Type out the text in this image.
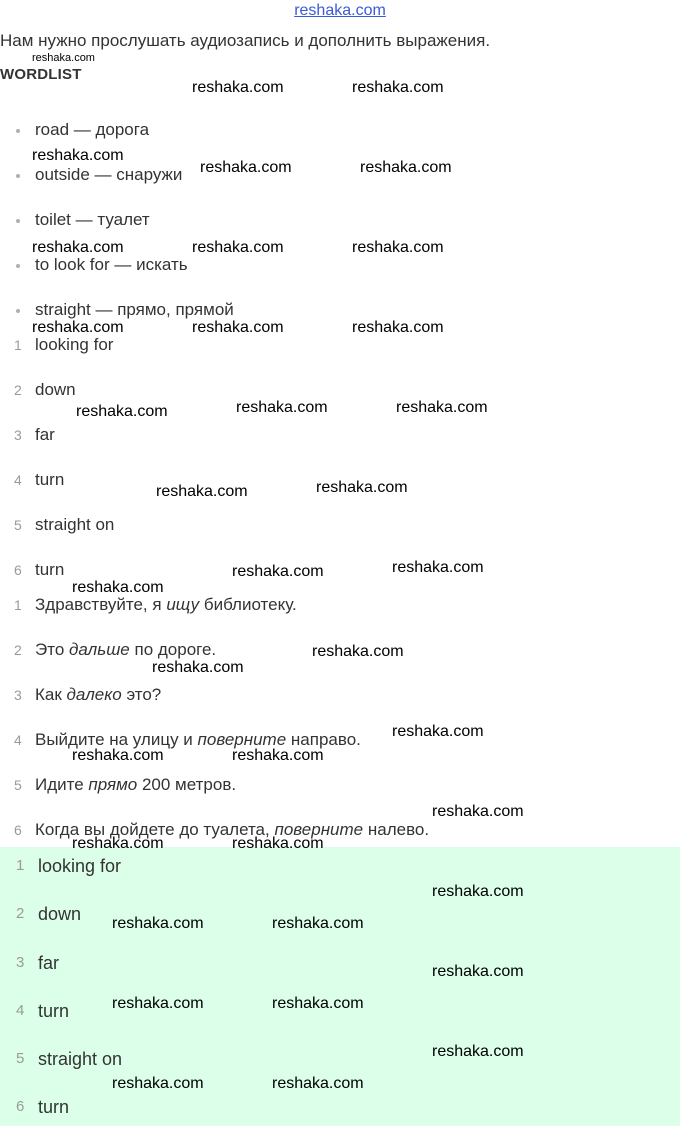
reshaka.com
Нам нужно прослушать аудиозапись и дополнить выражения.
reshaka.com
WORDLIST
road — дорога
outside — снаружи
toilet — туалет
to look for — искать
straight — прямо, прямой
1 looking for
2 down
3 far
4 turn
5 straight on
6 turn
1 Здравствуйте, я ищу библиотеку.
2 Это дальше по дороге.
3 Как далеко это?
4 Выйдите на улицу и поверните направо.
5 Идите прямо 200 метров.
6 Когда вы дойдете до туалета, поверните налево.
1 looking for
2 down
3 far
4 turn
5 straight on
6 turn
reshaka.com	reshaka.com
reshaka.com
reshaka.com	reshaka.com
reshaka.com	reshaka.com	reshaka.com
reshaka.com	reshaka.com	reshaka.com
reshaka.com	reshaka.com	reshaka.com
reshaka.com	reshaka.com
reshaka.com
reshaka.com	reshaka.com
reshaka.com
reshaka.com
reshaka.com
reshaka.com	reshaka.com
reshaka.com
reshaka.com	reshaka.com
reshaka.com
reshaka.com	reshaka.com
reshaka.com
reshaka.com	reshaka.com
reshaka.com
reshaka.com	reshaka.com
